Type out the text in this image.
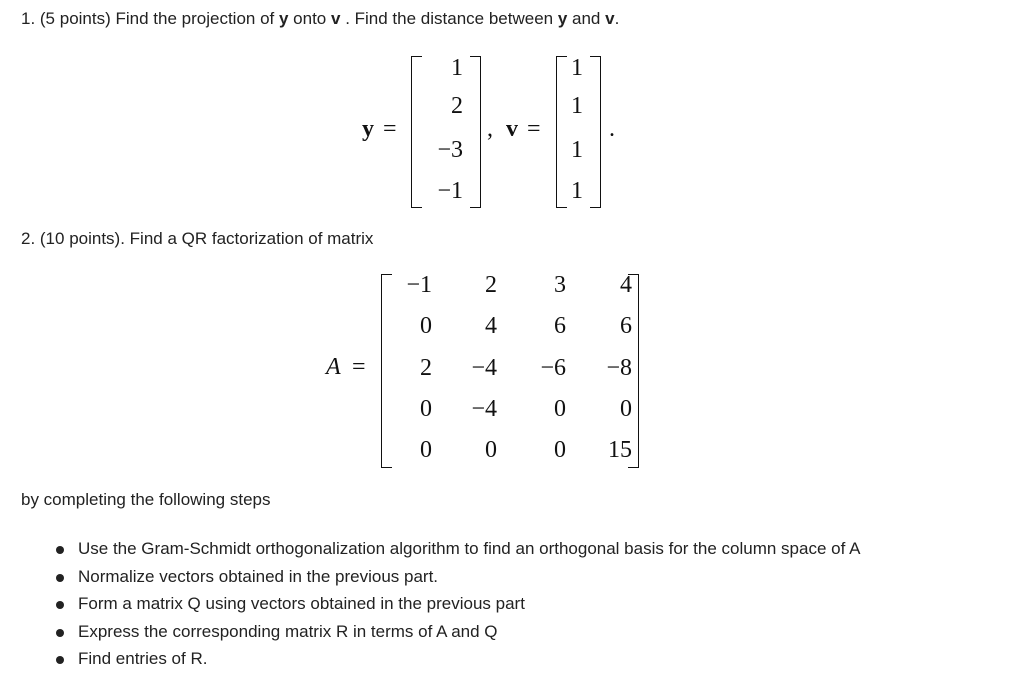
1. (5 points) Find the projection of y onto v . Find the distance between y and v.
y =
1
2
−3
−1
, v =
1
1
1
1
.
2. (10 points). Find a QR factorization of matrix
A =
−1	2	3	4
0	4	6	6
2	−4	−6	−8
0	−4	0	0
0	0	0	15
by completing the following steps
Use the Gram-Schmidt orthogonalization algorithm to find an orthogonal basis for the column space of A
Normalize vectors obtained in the previous part.
Form a matrix Q using vectors obtained in the previous part
Express the corresponding matrix R in terms of A and Q
Find entries of R.
